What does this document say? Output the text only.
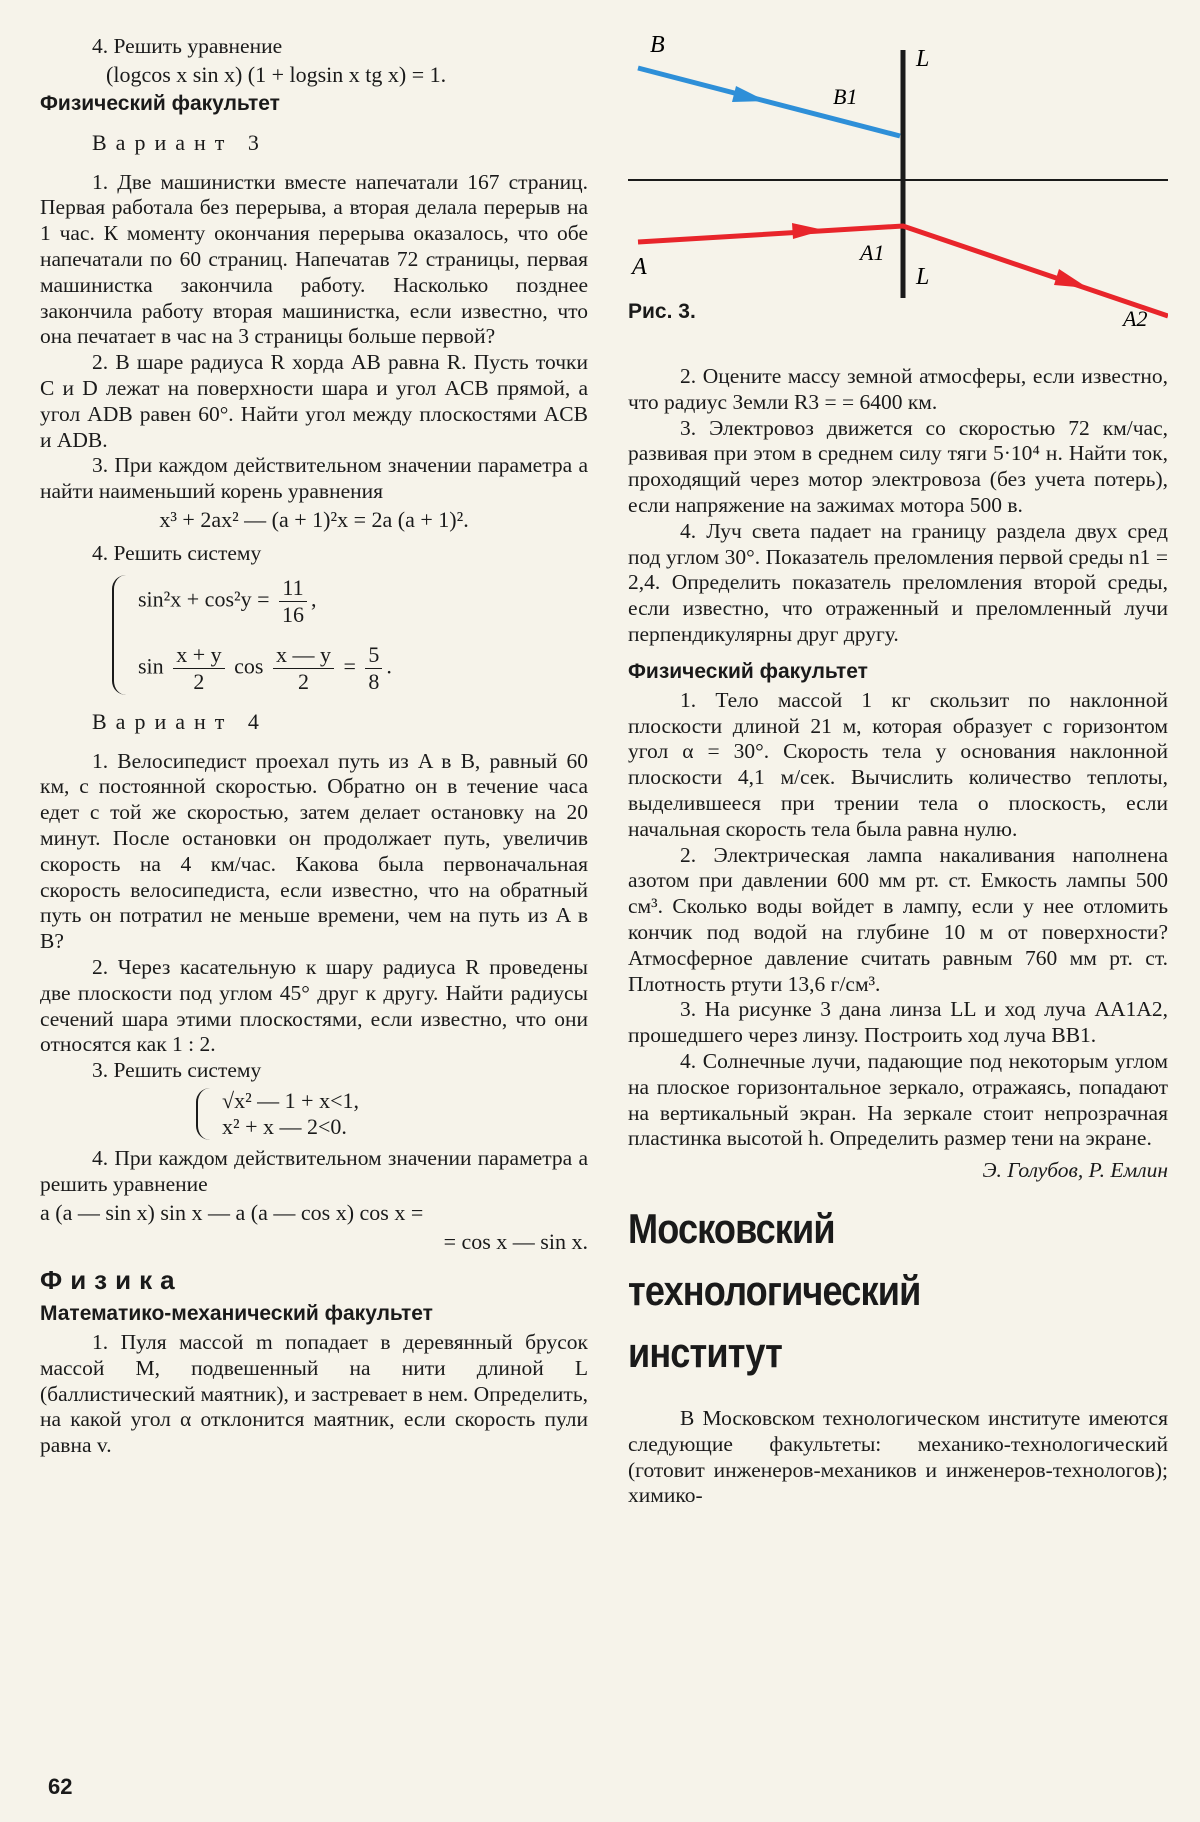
4. Решить уравнение

(logcos x sin x) (1 + logsin x tg x) = 1.

Физический факультет
Вариант 3

1. Две машинистки вместе напечатали 167 страниц. Первая работала без перерыва, а вторая делала перерыв на 1 час. К моменту окончания перерыва оказалось, что обе напечатали по 60 страниц. Напечатав 72 страницы, первая машинистка закончила работу. Насколько позднее закончила работу вторая машинистка, если известно, что она печатает в час на 3 страницы больше первой?

2. В шаре радиуса R хорда AB равна R. Пусть точки C и D лежат на поверхности шара и угол ACB прямой, а угол ADB равен 60°. Найти угол между плоскостями ACB и ADB.

3. При каждом действительном значении параметра a найти наименьший корень уравнения

x³ + 2ax² — (a + 1)²x = 2a (a + 1)².

4. Решить систему

$\sin^2x + \cos^2y = \frac{11}{16}$ ,
$\sin \frac{x + y}{2}$ $\cos \frac{x — y}{2} = \frac{5}{8}$ .
Вариант 4

1. Велосипедист проехал путь из A в B, равный 60 км, с постоянной скоростью. Обратно он в течение часа едет с той же скоростью, затем делает остановку на 20 минут. После остановки он продолжает путь, увеличив скорость на 4 км/час. Какова была первоначальная скорость велосипедиста, если известно, что на обратный путь он потратил не меньше времени, чем на путь из A в B?

2. Через касательную к шару радиуса R проведены две плоскости под углом 45° друг к другу. Найти радиусы сечений шара этими плоскостями, если известно, что они относятся как 1 : 2.

3. Решить систему

√x² — 1 + x<1,
x² + x — 2<0.

4. При каждом действительном значении параметра a решить уравнение

a (a — sin x) sin x — a (a — cos x) cos x =

= cos x — sin x.

Физика
Математико-механический факультет

1. Пуля массой m попадает в деревянный брусок массой M, подвешенный на нити длиной L (баллистический маятник), и застревает в нем. Определить, на какой угол α отклонится маятник, если скорость пули равна v.

B
B1
L
A
A1
L
A2
Рис. 3.

2. Оцените массу земной атмосферы, если известно, что радиус Земли R3 = = 6400 км.

3. Электровоз движется со скоростью 72 км/час, развивая при этом в среднем силу тяги 5·10⁴ н. Найти ток, проходящий через мотор электровоза (без учета потерь), если напряжение на зажимах мотора 500 в.

4. Луч света падает на границу раздела двух сред под углом 30°. Показатель преломления первой среды n1 = 2,4. Определить показатель преломления второй среды, если известно, что отраженный и преломленный лучи перпендикулярны друг другу.

Физический факультет

1. Тело массой 1 кг скользит по наклонной плоскости длиной 21 м, которая образует с горизонтом угол α = 30°. Скорость тела у основания наклонной плоскости 4,1 м/сек. Вычислить количество теплоты, выделившееся при трении тела о плоскость, если начальная скорость тела была равна нулю.

2. Электрическая лампа накаливания наполнена азотом при давлении 600 мм рт. ст. Емкость лампы 500 см³. Сколько воды войдет в лампу, если у нее отломить кончик под водой на глубине 10 м от поверхности? Атмосферное давление считать равным 760 мм рт. ст. Плотность ртути 13,6 г/см³.

3. На рисунке 3 дана линза LL и ход луча AA1A2, прошедшего через линзу. Построить ход луча BB1.

4. Солнечные лучи, падающие под некоторым углом на плоское горизонтальное зеркало, отражаясь, попадают на вертикальный экран. На зеркале стоит непрозрачная пластинка высотой h. Определить размер тени на экране.

Э. Голубов, Р. Емлин

Московский
технологический
институт

В Московском технологическом институте имеются следующие факультеты: механико-технологический (готовит инженеров-механиков и инженеров-технологов); химико-

62
